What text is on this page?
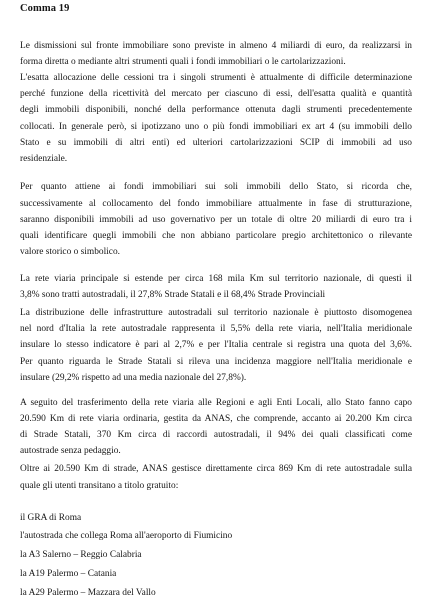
Comma 19
Le dismissioni sul fronte immobiliare sono previste in almeno 4 miliardi di euro, da realizzarsi in
forma diretta o mediante altri strumenti quali i fondi immobiliari o le cartolarizzazioni.
L'esatta allocazione delle cessioni tra i singoli strumenti è attualmente di difficile determinazione
perché funzione della ricettività del mercato per ciascuno di essi, dell'esatta qualità e quantità
degli immobili disponibili, nonché della performance ottenuta dagli strumenti precedentemente
collocati. In generale però, si ipotizzano uno o più fondi immobiliari ex art 4 (su immobili dello
Stato e su immobili di altri enti) ed ulteriori cartolarizzazioni SCIP di immobili ad uso
residenziale.
Per quanto attiene ai fondi immobiliari sui soli immobili dello Stato, si ricorda che,
successivamente al collocamento del fondo immobiliare attualmente in fase di strutturazione,
saranno disponibili immobili ad uso governativo per un totale di oltre 20 miliardi di euro tra i
quali identificare quegli immobili che non abbiano particolare pregio architettonico o rilevante
valore storico o simbolico.
La rete viaria principale si estende per circa 168 mila Km sul territorio nazionale, di questi il
3,8% sono tratti autostradali, il 27,8% Strade Statali e il 68,4% Strade Provinciali
La distribuzione delle infrastrutture autostradali sul territorio nazionale è piuttosto disomogenea
nel nord d'Italia la rete autostradale rappresenta il 5,5% della rete viaria, nell'Italia meridionale
insulare lo stesso indicatore è pari al 2,7% e per l'Italia centrale si registra una quota del 3,6%.
Per quanto riguarda le Strade Statali si rileva una incidenza maggiore nell'Italia meridionale e
insulare (29,2% rispetto ad una media nazionale del 27,8%).
A seguito del trasferimento della rete viaria alle Regioni e agli Enti Locali, allo Stato fanno capo
20.590 Km di rete viaria ordinaria, gestita da ANAS, che comprende, accanto ai 20.200 Km circa
di Strade Statali, 370 Km circa di raccordi autostradali, il 94% dei quali classificati come
autostrade senza pedaggio.
Oltre ai 20.590 Km di strade, ANAS gestisce direttamente circa 869 Km di rete autostradale sulla
quale gli utenti transitano a titolo gratuito:
il GRA di Roma
l'autostrada che collega Roma all'aeroporto di Fiumicino
la A3 Salerno – Reggio Calabria
la A19 Palermo – Catania
la A29 Palermo – Mazzara del Vallo
